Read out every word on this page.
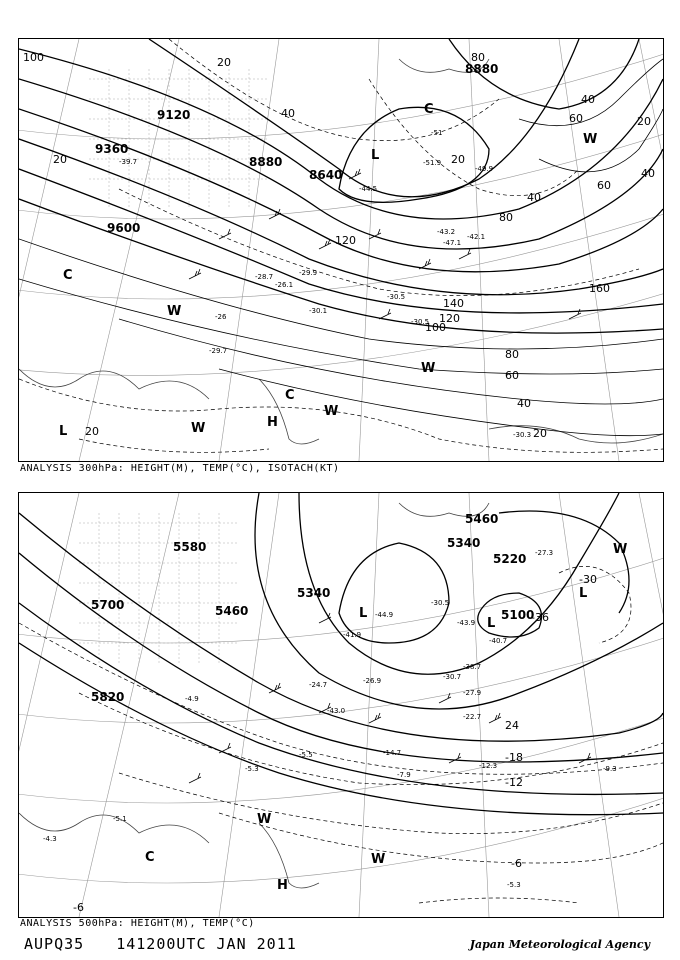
9120
9360
8880
8640
9600
8880
100
20
40
20
20
120
140
160
120
100
80
60
40
20
20
40
60
80
40
60
40
20
80
L
C
L
C
W
W
W
C
W	H
W
-39.7
-51
-44.5
-43.2
-30.5
-29.9
-28.7
-26.1
-30.1
-29.7
-30.5
-42.1
-47.1
-51.9
-49.9
-30.3
-26
ANALYSIS 300hPa: HEIGHT(M), TEMP(°C), ISOTACH(KT)
5580
5700
5820
5460
5340
5460
5340
5220
5100
-30
-36
24
-18
-12
-6
-6
L
L
L
C
W
W
W
H
-43.9
-40.7
-38.7
-30.7
-27.9
-22.7
-14.7
-12.3
-7.9
-5.3
-4.9
-5.5
-24.7
-30.5
-26.9
-44.9
-41.9
-43.0
-27.3
-4.3
-5.1
-5.3
-9.3
ANALYSIS 500hPa: HEIGHT(M), TEMP(°C)
AUPQ35 141200UTC JAN 2011	Japan Meteorological Agency
